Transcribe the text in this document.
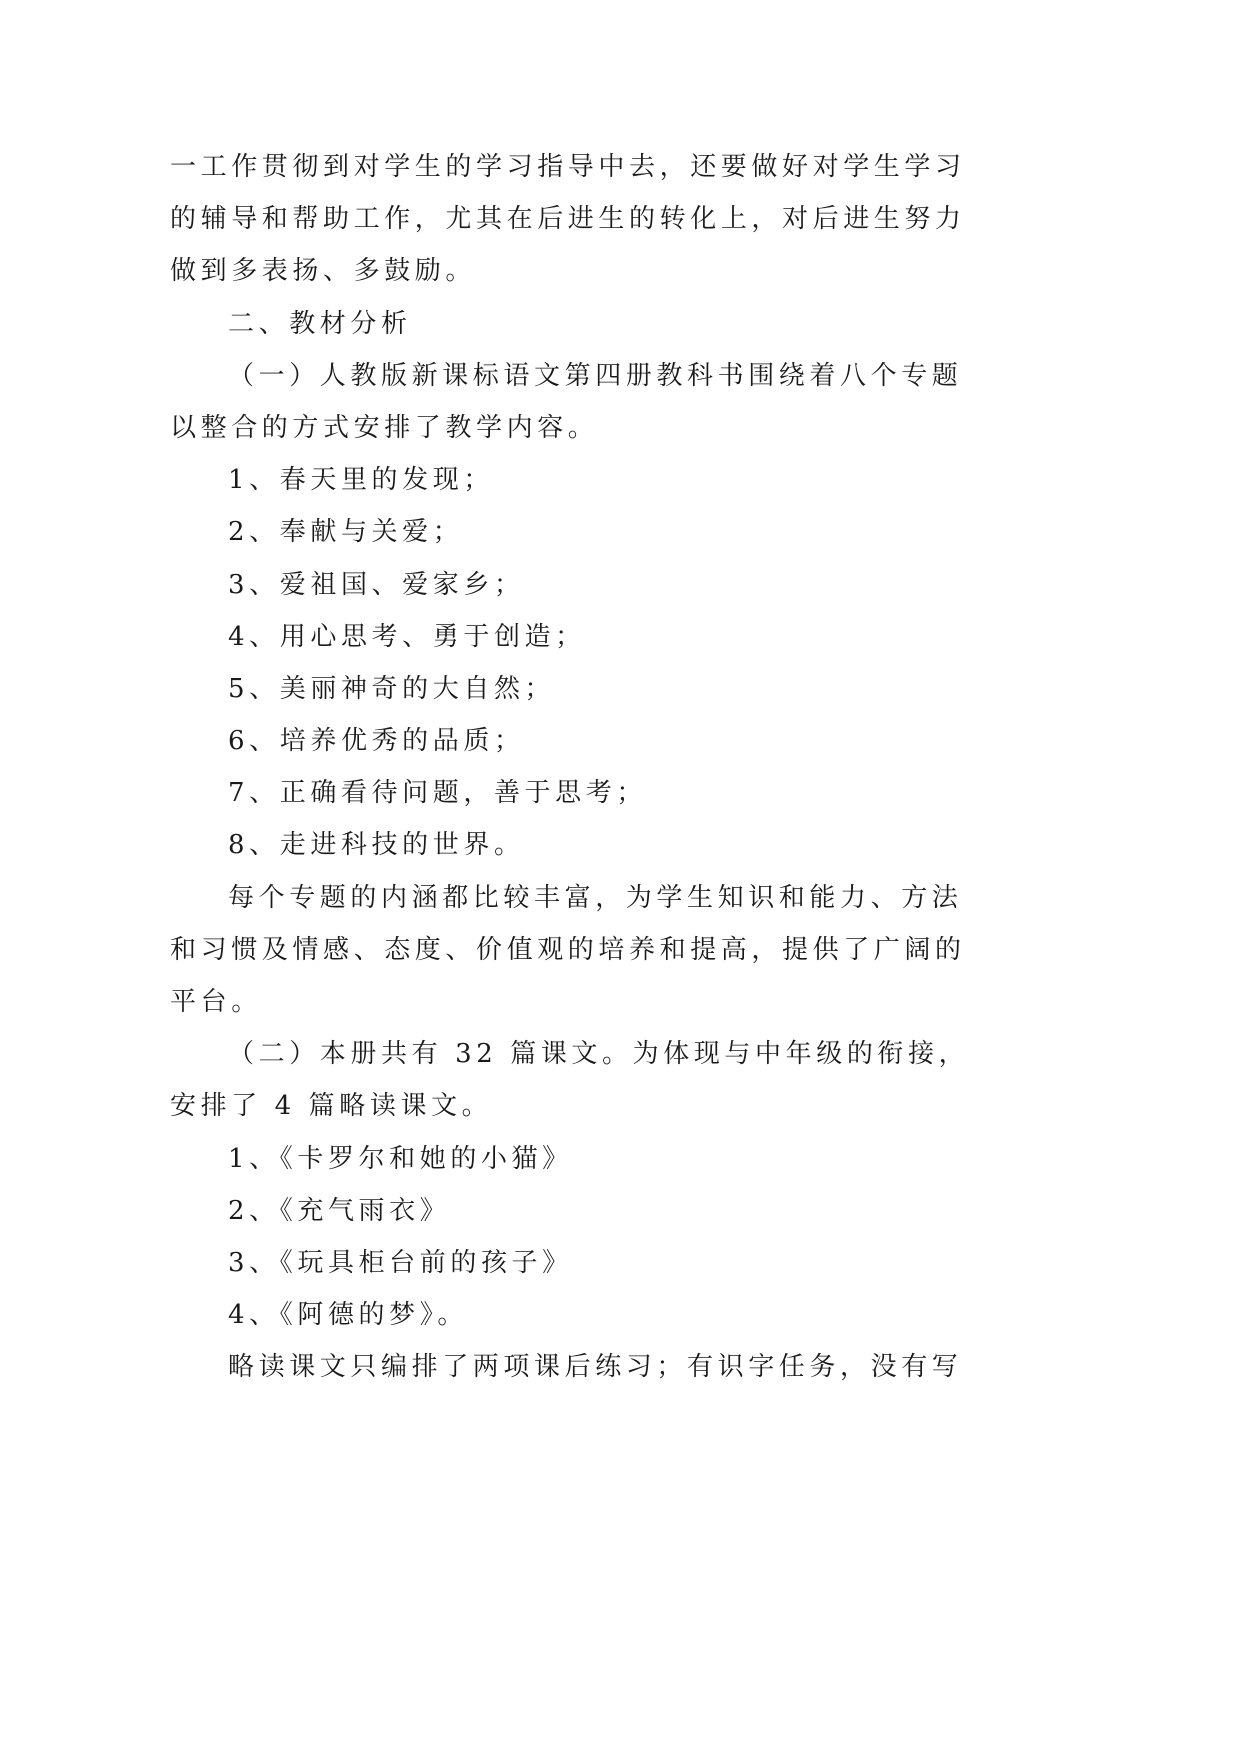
一工作贯彻到对学生的学习指导中去，还要做好对学生学习
的辅导和帮助工作，尤其在后进生的转化上，对后进生努力
做到多表扬、多鼓励。
二、教材分析
（一）人教版新课标语文第四册教科书围绕着八个专题
以整合的方式安排了教学内容。
1、春天里的发现；
2、奉献与关爱；
3、爱祖国、爱家乡；
4、用心思考、勇于创造；
5、美丽神奇的大自然；
6、培养优秀的品质；
7、正确看待问题，善于思考；
8、走进科技的世界。
每个专题的内涵都比较丰富，为学生知识和能力、方法
和习惯及情感、态度、价值观的培养和提高，提供了广阔的
平台。
（二）本册共有 32 篇课文。为体现与中年级的衔接，
安排了 4 篇略读课文。
1、《卡罗尔和她的小猫》
2、《充气雨衣》
3、《玩具柜台前的孩子》
4、《阿德的梦》。
略读课文只编排了两项课后练习；有识字任务，没有写
